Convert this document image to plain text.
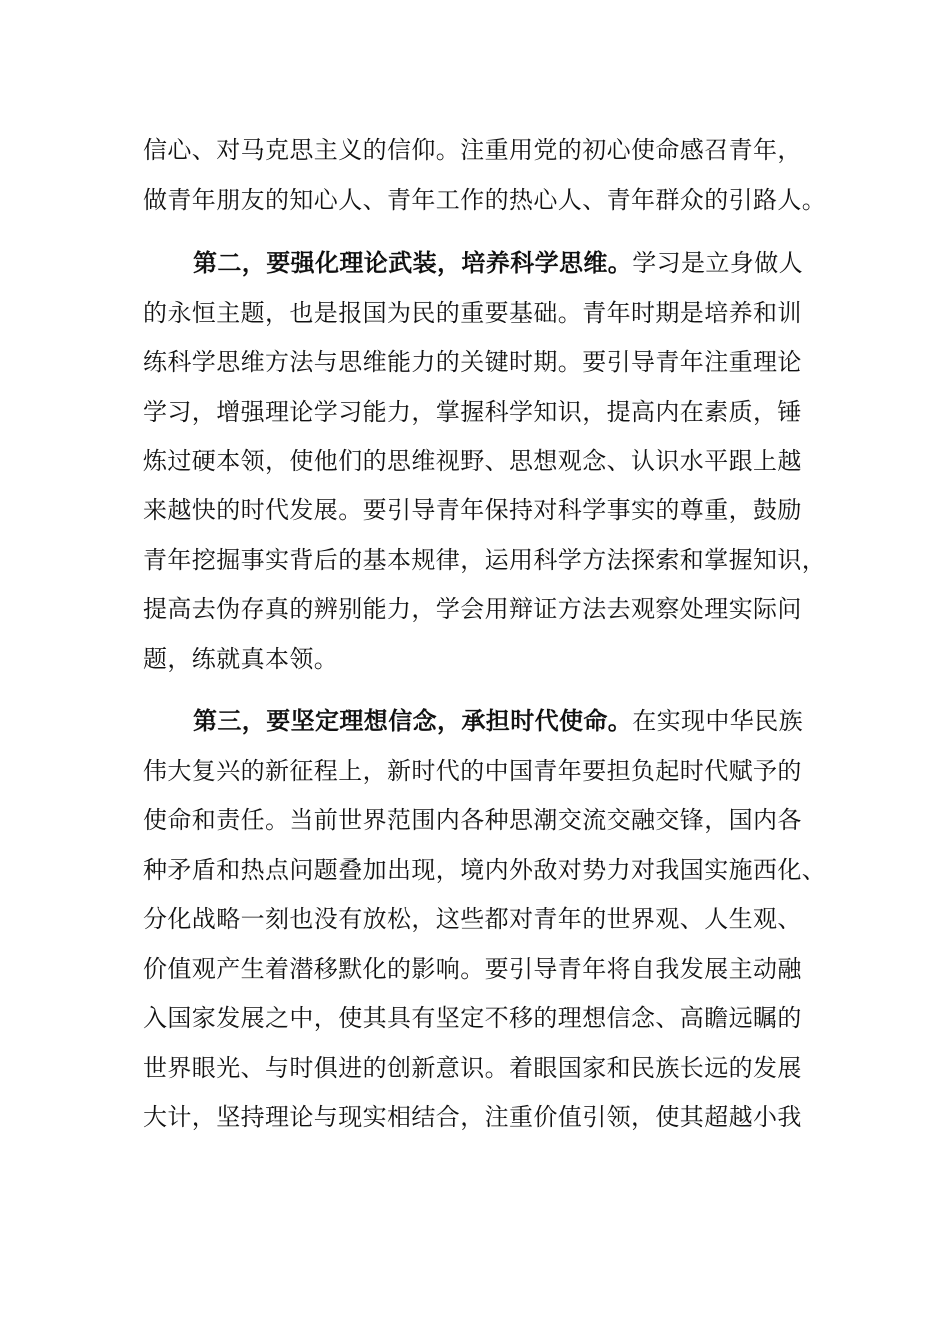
信心、对马克思主义的信仰。注重用党的初心使命感召青年，
做青年朋友的知心人、青年工作的热心人、青年群众的引路人。
第二，要强化理论武装，培养科学思维。学习是立身做人
的永恒主题，也是报国为民的重要基础。青年时期是培养和训
练科学思维方法与思维能力的关键时期。要引导青年注重理论
学习，增强理论学习能力，掌握科学知识，提高内在素质，锤
炼过硬本领，使他们的思维视野、思想观念、认识水平跟上越
来越快的时代发展。要引导青年保持对科学事实的尊重，鼓励
青年挖掘事实背后的基本规律，运用科学方法探索和掌握知识，
提高去伪存真的辨别能力，学会用辩证方法去观察处理实际问
题，练就真本领。
第三，要坚定理想信念，承担时代使命。在实现中华民族
伟大复兴的新征程上，新时代的中国青年要担负起时代赋予的
使命和责任。当前世界范围内各种思潮交流交融交锋，国内各
种矛盾和热点问题叠加出现，境内外敌对势力对我国实施西化、
分化战略一刻也没有放松，这些都对青年的世界观、人生观、
价值观产生着潜移默化的影响。要引导青年将自我发展主动融
入国家发展之中，使其具有坚定不移的理想信念、高瞻远瞩的
世界眼光、与时俱进的创新意识。着眼国家和民族长远的发展
大计，坚持理论与现实相结合，注重价值引领，使其超越小我
